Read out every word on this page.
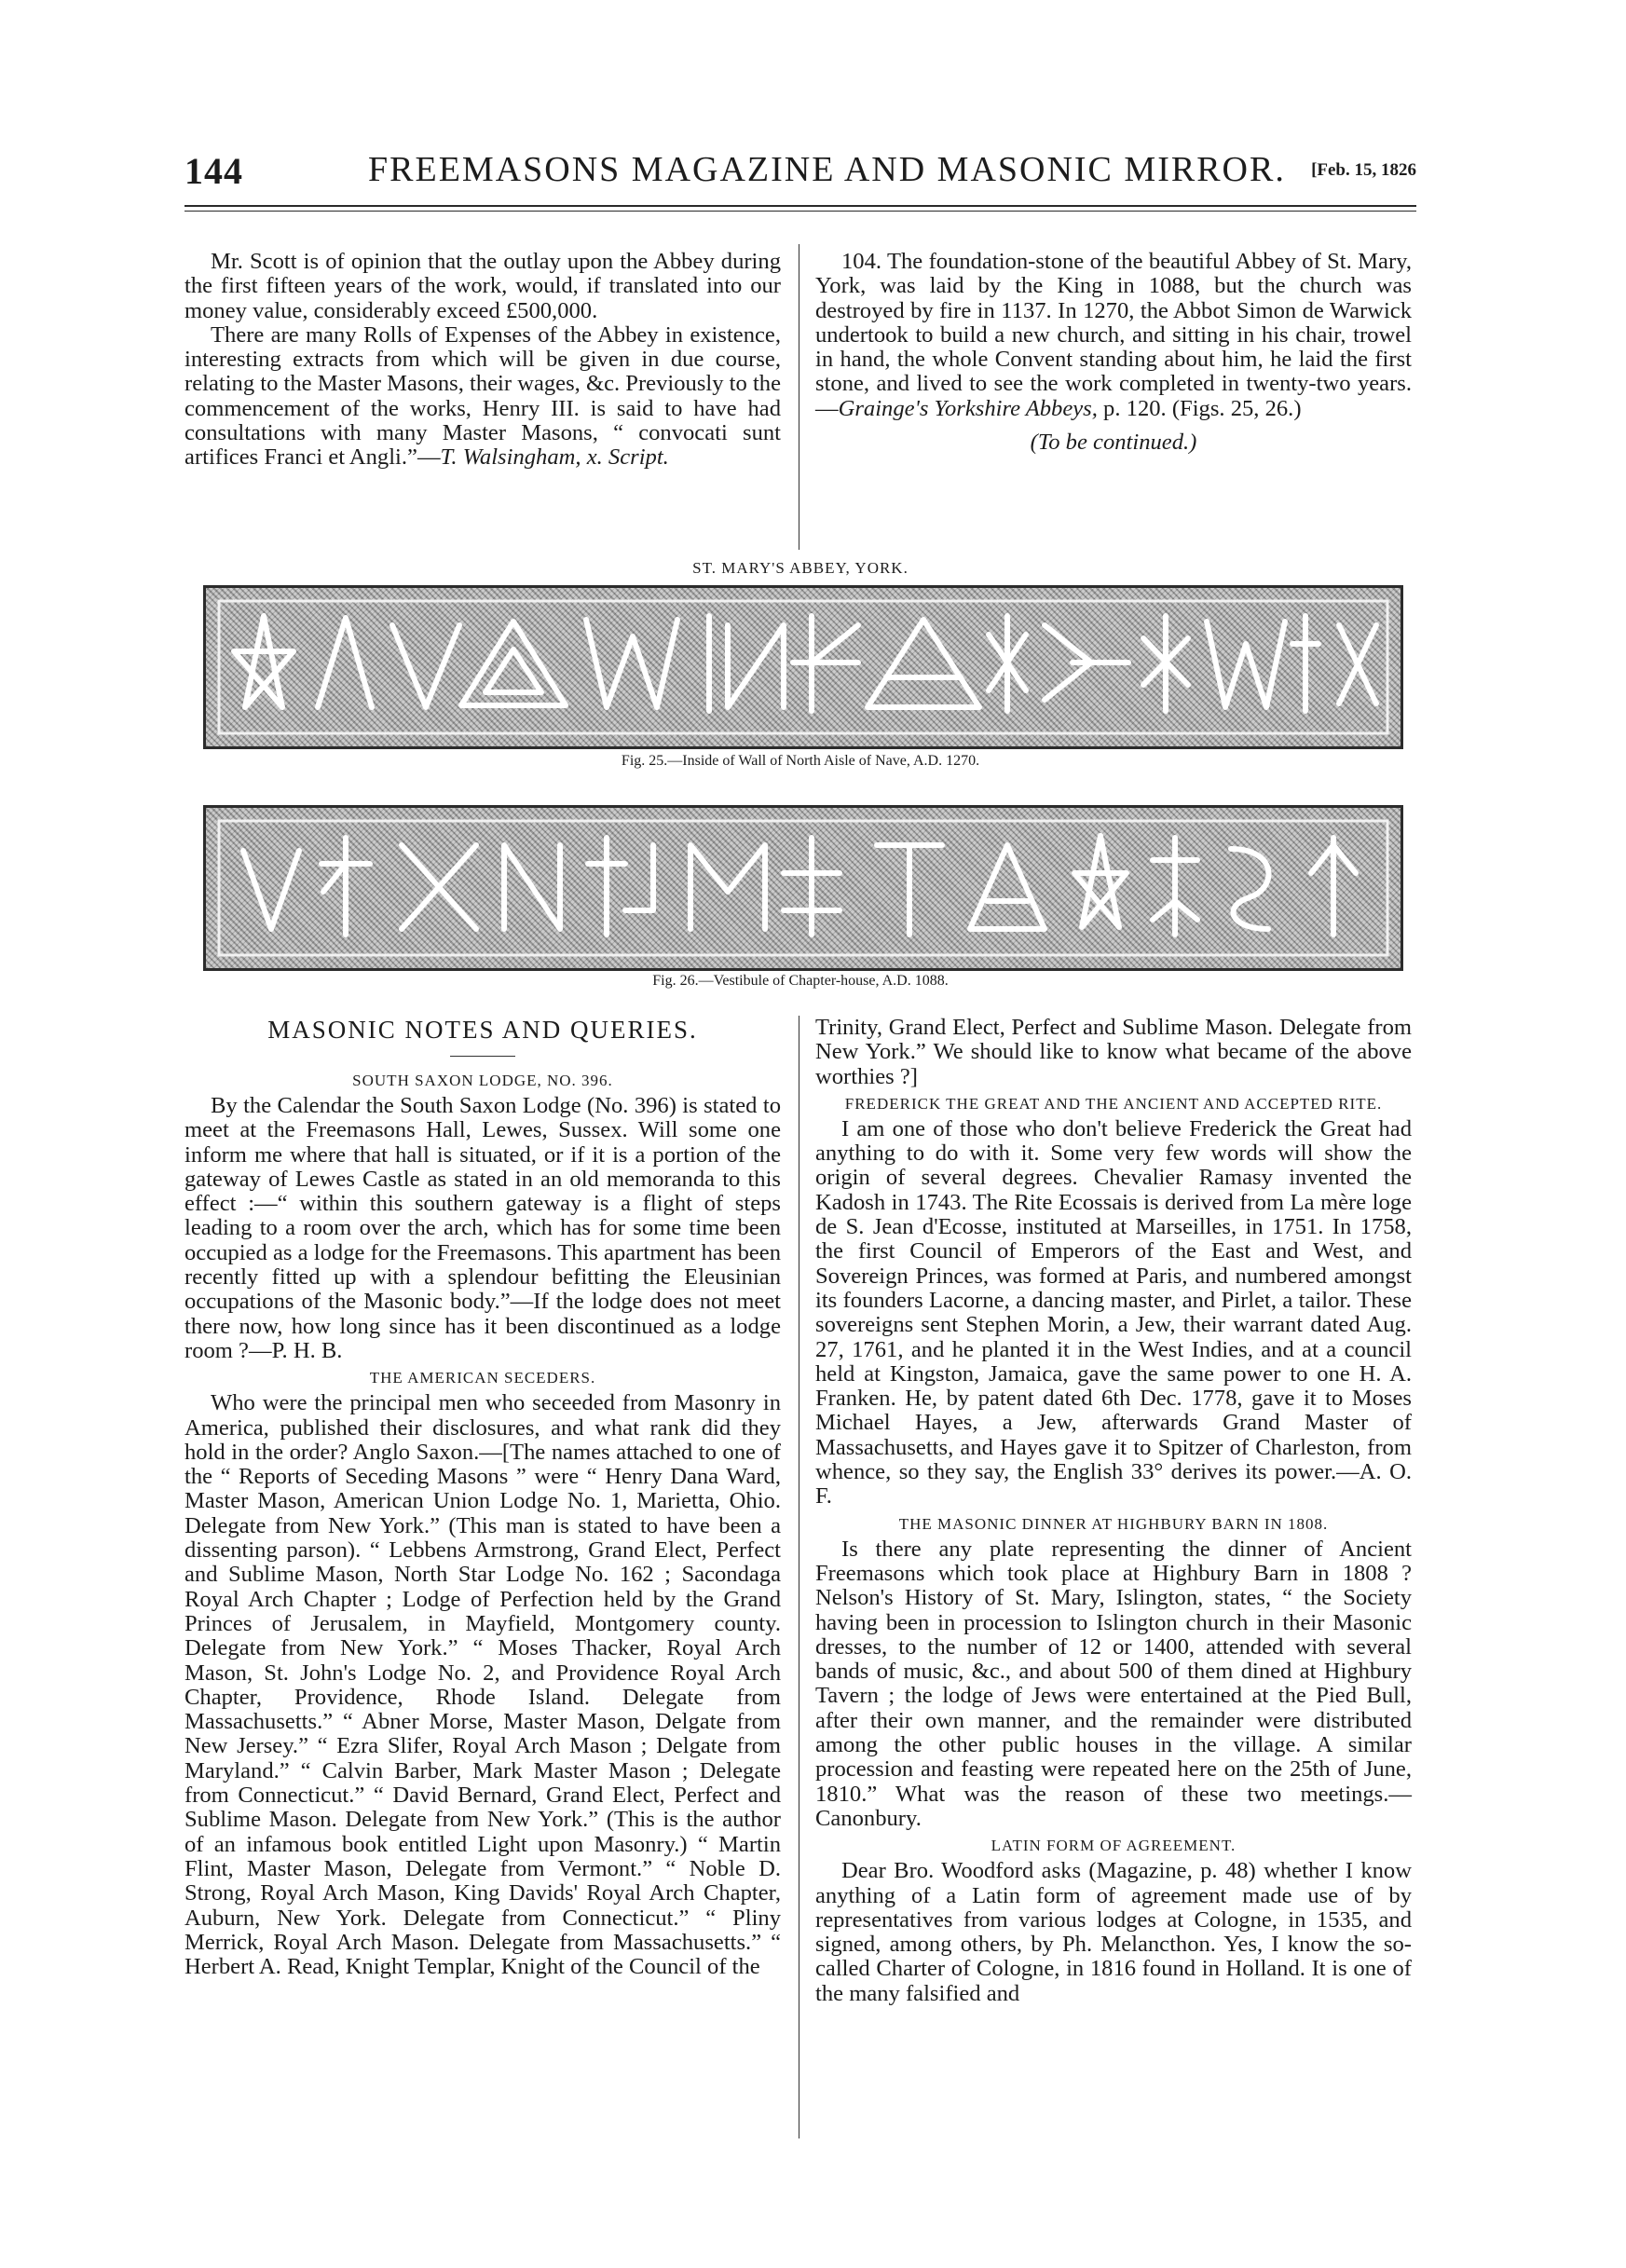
144	FREEMASONS MAGAZINE AND MASONIC MIRROR. [Feb. 15, 1826

Mr. Scott is of opinion that the outlay upon the Abbey during the first fifteen years of the work, would, if translated into our money value, considerably exceed £500,000.

There are many Rolls of Expenses of the Abbey in existence, interesting extracts from which will be given in due course, relating to the Master Masons, their wages, &c. Previously to the commencement of the works, Henry III. is said to have had consultations with many Master Masons, “ convocati sunt artifices Franci et Angli.”—T. Walsingham, x. Script.

104. The foundation-stone of the beautiful Abbey of St. Mary, York, was laid by the King in 1088, but the church was destroyed by fire in 1137. In 1270, the Abbot Simon de Warwick undertook to build a new church, and sitting in his chair, trowel in hand, the whole Convent standing about him, he laid the first stone, and lived to see the work completed in twenty-two years.—Grainge's Yorkshire Abbeys, p. 120. (Figs. 25, 26.)

(To be continued.)

ST. MARY'S ABBEY, YORK.
Fig. 25.—Inside of Wall of North Aisle of Nave, A.D. 1270.
Fig. 26.—Vestibule of Chapter-house, A.D. 1088.

MASONIC NOTES AND QUERIES.

SOUTH SAXON LODGE, NO. 396.

By the Calendar the South Saxon Lodge (No. 396) is stated to meet at the Freemasons Hall, Lewes, Sussex. Will some one inform me where that hall is situated, or if it is a portion of the gateway of Lewes Castle as stated in an old memoranda to this effect :—“ within this southern gateway is a flight of steps leading to a room over the arch, which has for some time been occupied as a lodge for the Freemasons. This apartment has been recently fitted up with a splendour befitting the Eleusinian occupations of the Masonic body.”—If the lodge does not meet there now, how long since has it been discontinued as a lodge room ?—P. H. B.

THE AMERICAN SECEDERS.

Who were the principal men who seceeded from Masonry in America, published their disclosures, and what rank did they hold in the order? Anglo Saxon.—[The names attached to one of the “ Reports of Seceding Masons ” were “ Henry Dana Ward, Master Mason, American Union Lodge No. 1, Marietta, Ohio. Delegate from New York.” (This man is stated to have been a dissenting parson). “ Lebbens Armstrong, Grand Elect, Perfect and Sublime Mason, North Star Lodge No. 162 ; Sacondaga Royal Arch Chapter ; Lodge of Perfection held by the Grand Princes of Jerusalem, in Mayfield, Montgomery county. Delegate from New York.” “ Moses Thacker, Royal Arch Mason, St. John's Lodge No. 2, and Providence Royal Arch Chapter, Providence, Rhode Island. Delegate from Massachusetts.” “ Abner Morse, Master Mason, Delgate from New Jersey.” “ Ezra Slifer, Royal Arch Mason ; Delgate from Maryland.” “ Calvin Barber, Mark Master Mason ; Delegate from Connecticut.” “ David Bernard, Grand Elect, Perfect and Sublime Mason. Delegate from New York.” (This is the author of an infamous book entitled Light upon Masonry.) “ Martin Flint, Master Mason, Delegate from Vermont.” “ Noble D. Strong, Royal Arch Mason, King Davids' Royal Arch Chapter, Auburn, New York. Delegate from Connecticut.” “ Pliny Merrick, Royal Arch Mason. Delegate from Massachusetts.” “ Herbert A. Read, Knight Templar, Knight of the Council of the

Trinity, Grand Elect, Perfect and Sublime Mason. Delegate from New York.” We should like to know what became of the above worthies ?]

FREDERICK THE GREAT AND THE ANCIENT AND ACCEPTED RITE.

I am one of those who don't believe Frederick the Great had anything to do with it. Some very few words will show the origin of several degrees. Chevalier Ramasy invented the Kadosh in 1743. The Rite Ecossais is derived from La mère loge de S. Jean d'Ecosse, instituted at Marseilles, in 1751. In 1758, the first Council of Emperors of the East and West, and Sovereign Princes, was formed at Paris, and numbered amongst its founders Lacorne, a dancing master, and Pirlet, a tailor. These sovereigns sent Stephen Morin, a Jew, their warrant dated Aug. 27, 1761, and he planted it in the West Indies, and at a council held at Kingston, Jamaica, gave the same power to one H. A. Franken. He, by patent dated 6th Dec. 1778, gave it to Moses Michael Hayes, a Jew, afterwards Grand Master of Massachusetts, and Hayes gave it to Spitzer of Charleston, from whence, so they say, the English 33° derives its power.—A. O. F.

THE MASONIC DINNER AT HIGHBURY BARN IN 1808.

Is there any plate representing the dinner of Ancient Freemasons which took place at Highbury Barn in 1808 ? Nelson's History of St. Mary, Islington, states, “ the Society having been in procession to Islington church in their Masonic dresses, to the number of 12 or 1400, attended with several bands of music, &c., and about 500 of them dined at Highbury Tavern ; the lodge of Jews were entertained at the Pied Bull, after their own manner, and the remainder were distributed among the other public houses in the village. A similar procession and feasting were repeated here on the 25th of June, 1810.” What was the reason of these two meetings.—Canonbury.

LATIN FORM OF AGREEMENT.

Dear Bro. Woodford asks (Magazine, p. 48) whether I know anything of a Latin form of agreement made use of by representatives from various lodges at Cologne, in 1535, and signed, among others, by Ph. Melancthon. Yes, I know the so-called Charter of Cologne, in 1816 found in Holland. It is one of the many falsified and
